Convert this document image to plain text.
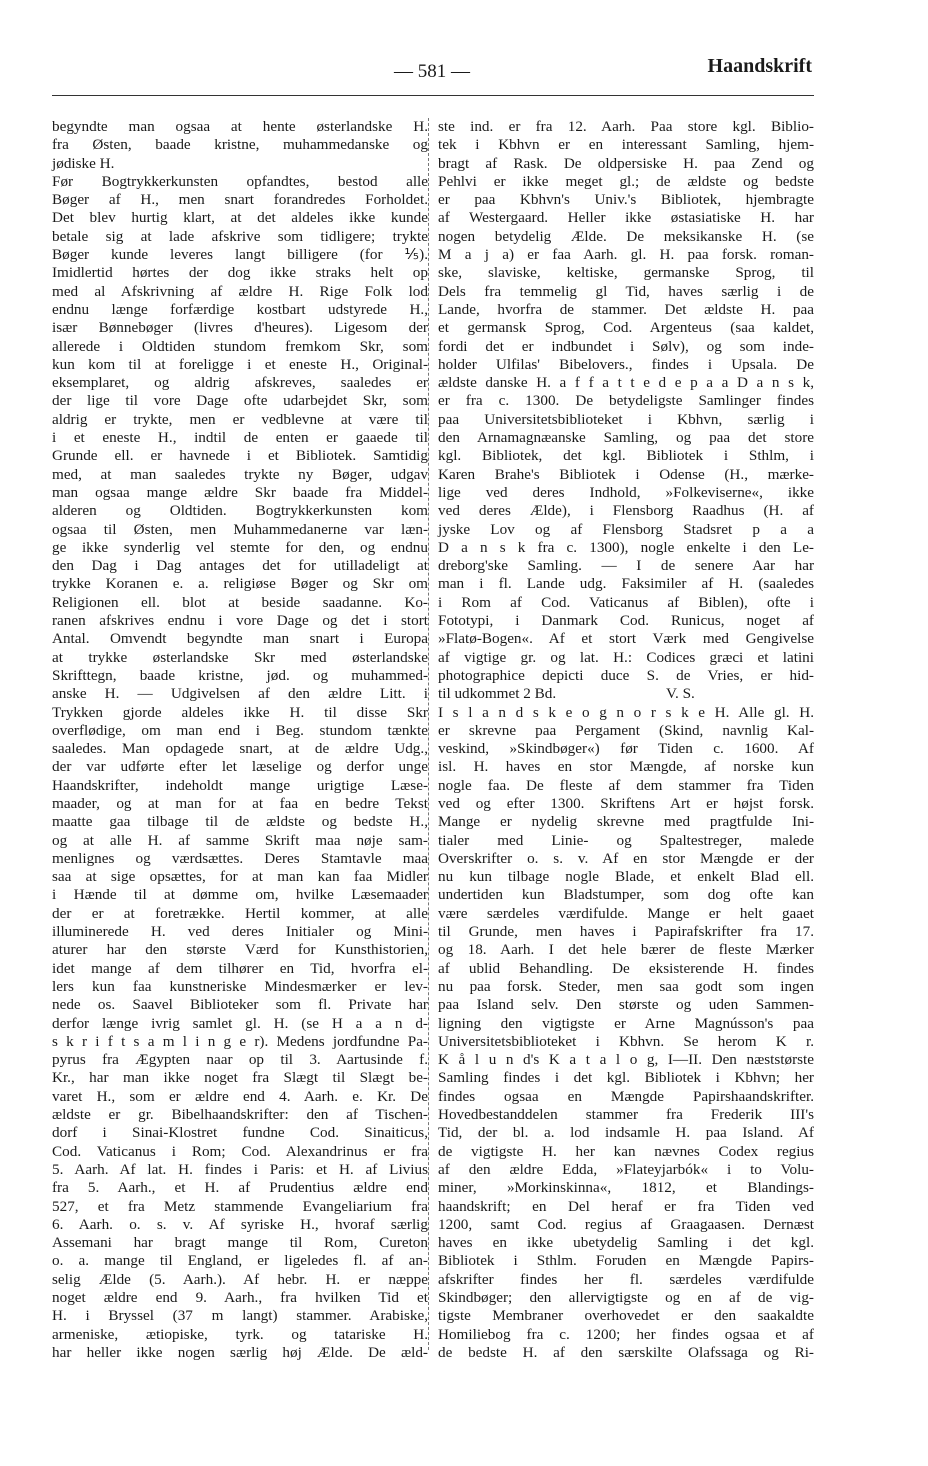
— 581 —	Haandskrift
begyndte man ogsaa at hente østerlandske H.
fra Østen, baade kristne, muhammedanske og
jødiske H.
Før Bogtrykkerkunsten opfandtes, bestod alle
Bøger af H., men snart forandredes Forholdet.
Det blev hurtig klart, at det aldeles ikke kunde
betale sig at lade afskrive som tidligere; trykte
Bøger kunde leveres langt billigere (for ⅕).
Imidlertid hørtes der dog ikke straks helt op
med al Afskrivning af ældre H. Rige Folk lod
endnu længe forfærdige kostbart udstyrede H.,
især Bønnebøger (livres d'heures). Ligesom der
allerede i Oldtiden stundom fremkom Skr, som
kun kom til at foreligge i et eneste H., Original-
eksemplaret, og aldrig afskreves, saaledes er
der lige til vore Dage ofte udarbejdet Skr, som
aldrig er trykte, men er vedblevne at være til
i et eneste H., indtil de enten er gaaede til
Grunde ell. er havnede i et Bibliotek. Samtidig
med, at man saaledes trykte ny Bøger, udgav
man ogsaa mange ældre Skr baade fra Middel-
alderen og Oldtiden. Bogtrykkerkunsten kom
ogsaa til Østen, men Muhammedanerne var læn-
ge ikke synderlig vel stemte for den, og endnu
den Dag i Dag antages det for utilladeligt at
trykke Koranen e. a. religiøse Bøger og Skr om
Religionen ell. blot at beside saadanne. Ko-
ranen afskrives endnu i vore Dage og det i stort
Antal. Omvendt begyndte man snart i Europa
at trykke østerlandske Skr med østerlandske
Skrifttegn, baade kristne, jød. og muhammed-
anske H. — Udgivelsen af den ældre Litt. i
Trykken gjorde aldeles ikke H. til disse Skr
overflødige, om man end i Beg. stundom tænkte
saaledes. Man opdagede snart, at de ældre Udg.,
der var udførte efter let læselige og derfor unge
Haandskrifter, indeholdt mange urigtige Læse-
maader, og at man for at faa en bedre Tekst
maatte gaa tilbage til de ældste og bedste H.,
og at alle H. af samme Skrift maa nøje sam-
menlignes og værdsættes. Deres Stamtavle maa
saa at sige opsættes, for at man kan faa Midler
i Hænde til at dømme om, hvilke Læsemaader
der er at foretrække. Hertil kommer, at alle
illuminerede H. ved deres Initialer og Mini-
aturer har den største Værd for Kunsthistorien,
idet mange af dem tilhører en Tid, hvorfra el-
lers kun faa kunstneriske Mindesmærker er lev-
nede os. Saavel Biblioteker som fl. Private har
derfor længe ivrig samlet gl. H. (se H a a n d-
s k r i f t s a m l i n g e r). Medens jordfundne Pa-
pyrus fra Ægypten naar op til 3. Aartusinde f.
Kr., har man ikke noget fra Slægt til Slægt be-
varet H., som er ældre end 4. Aarh. e. Kr. De
ældste er gr. Bibelhaandskrifter: den af Tischen-
dorf i Sinai-Klostret fundne Cod. Sinaiticus,
Cod. Vaticanus i Rom; Cod. Alexandrinus er fra
5. Aarh. Af lat. H. findes i Paris: et H. af Livius
fra 5. Aarh., et H. af Prudentius ældre end
527, et fra Metz stammende Evangeliarium fra
6. Aarh. o. s. v. Af syriske H., hvoraf særlig
Assemani har bragt mange til Rom, Cureton
o. a. mange til England, er ligeledes fl. af an-
selig Ælde (5. Aarh.). Af hebr. H. er næppe
noget ældre end 9. Aarh., fra hvilken Tid et
H. i Bryssel (37 m langt) stammer. Arabiske,
armeniske, ætiopiske, tyrk. og tatariske H.
har heller ikke nogen særlig høj Ælde. De æld-
ste ind. er fra 12. Aarh. Paa store kgl. Biblio-
tek i Kbhvn er en interessant Samling, hjem-
bragt af Rask. De oldpersiske H. paa Zend og
Pehlvi er ikke meget gl.; de ældste og bedste
er paa Kbhvn's Univ.'s Bibliotek, hjembragte
af Westergaard. Heller ikke østasiatiske H. har
nogen betydelig Ælde. De meksikanske H. (se
M a j a) er faa Aarh. gl. H. paa forsk. roman-
ske, slaviske, keltiske, germanske Sprog, til
Dels fra temmelig gl Tid, haves særlig i de
Lande, hvorfra de stammer. Det ældste H. paa
et germansk Sprog, Cod. Argenteus (saa kaldet,
fordi det er indbundet i Sølv), og som inde-
holder Ulfilas' Bibelovers., findes i Upsala. De
ældste danske H. a f f a t t e d e p a a D a n s k,
er fra c. 1300. De betydeligste Samlinger findes
paa Universitetsbiblioteket i Kbhvn, særlig i
den Arnamagnæanske Samling, og paa det store
kgl. Bibliotek, det kgl. Bibliotek i Sthlm, i
Karen Brahe's Bibliotek i Odense (H., mærke-
lige ved deres Indhold, »Folkeviserne«, ikke
ved deres Ælde), i Flensborg Raadhus (H. af
jyske Lov og af Flensborg Stadsret p a a
D a n s k fra c. 1300), nogle enkelte i den Le-
dreborg'ske Samling. — I de senere Aar har
man i fl. Lande udg. Faksimiler af H. (saaledes
i Rom af Cod. Vaticanus af Biblen), ofte i
Fototypi, i Danmark Cod. Runicus, noget af
»Flatø-Bogen«. Af et stort Værk med Gengivelse
af vigtige gr. og lat. H.: Codices græci et latini
photographice depicti duce S. de Vries, er hid-
til udkommet 2 Bd.                             V. S.
I s l a n d s k e o g n o r s k e H. Alle gl. H.
er skrevne paa Pergament (Skind, navnlig Kal-
veskind, »Skindbøger«) før Tiden c. 1600. Af
isl. H. haves en stor Mængde, af norske kun
nogle faa. De fleste af dem stammer fra Tiden
ved og efter 1300. Skriftens Art er højst forsk.
Mange er nydelig skrevne med pragtfulde Ini-
tialer med Linie- og Spaltestreger, malede
Overskrifter o. s. v. Af en stor Mængde er der
nu kun tilbage nogle Blade, et enkelt Blad ell.
undertiden kun Bladstumper, som dog ofte kan
være særdeles værdifulde. Mange er helt gaaet
til Grunde, men haves i Papirafskrifter fra 17.
og 18. Aarh. I det hele bærer de fleste Mærker
af ublid Behandling. De eksisterende H. findes
nu paa forsk. Steder, men saa godt som ingen
paa Island selv. Den største og uden Sammen-
ligning den vigtigste er Arne Magnússon's paa
Universitetsbiblioteket i Kbhvn. Se herom K r.
K å l u n d's K a t a l o g, I—II. Den næststørste
Samling findes i det kgl. Bibliotek i Kbhvn; her
findes ogsaa en Mængde Papirshaandskrifter.
Hovedbestanddelen stammer fra Frederik III's
Tid, der bl. a. lod indsamle H. paa Island. Af
de vigtigste H. her kan nævnes Codex regius
af den ældre Edda, »Flateyjarbók« i to Volu-
miner, »Morkinskinna«, 1812, et Blandings-
haandskrift; en Del heraf er fra Tiden ved
1200, samt Cod. regius af Graagaasen. Dernæst
haves en ikke ubetydelig Samling i det kgl.
Bibliotek i Sthlm. Foruden en Mængde Papirs-
afskrifter findes her fl. særdeles værdifulde
Skindbøger; den allervigtigste og en af de vig-
tigste Membraner overhovedet er den saakaldte
Homiliebog fra c. 1200; her findes ogsaa et af
de bedste H. af den særskilte Olafssaga og Ri-
